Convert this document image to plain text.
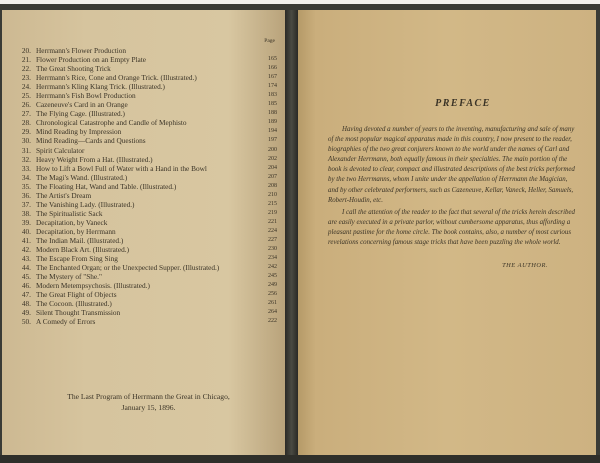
Page
20. Herrmann's Flower Production
21. Flower Production on an Empty Plate	165
22. The Great Shooting Trick	166
23. Herrmann's Rice, Cone and Orange Trick. (Illustrated.)	167
24. Herrmann's Kling Klang Trick. (Illustrated.)	174
25. Herrmann's Fish Bowl Production	183
26. Cazeneuve's Card in an Orange	185
27. The Flying Cage. (Illustrated.)	188
28. Chronological Catastrophe and Candle of Mephisto	189
29. Mind Reading by Impression	194
30. Mind Reading—Cards and Questions	197
31. Spirit Calculator	200
32. Heavy Weight From a Hat. (Illustrated.)	202
33. How to Lift a Bowl Full of Water with a Hand in the Bowl	204
34. The Magi's Wand. (Illustrated.)	207
35. The Floating Hat, Wand and Table. (Illustrated.)	208
36. The Artist's Dream	210
37. The Vanishing Lady. (Illustrated.)	215
38. The Spiritualistic Sack	219
39. Decapitation, by Vaneck	221
40. Decapitation, by Herrmann	224
41. The Indian Mail. (Illustrated.)	227
42. Modern Black Art. (Illustrated.)	230
43. The Escape From Sing Sing	234
44. The Enchanted Organ; or the Unexpected Supper. (Illustrated.)	242
45. The Mystery of "She."	245
46. Modern Metempsychosis. (Illustrated.)	249
47. The Great Flight of Objects	256
48. The Cocoon. (Illustrated.)	261
49. Silent Thought Transmission	264
50. A Comedy of Errors	222
The Last Program of Herrmann the Great in Chicago,
January 15, 1896.
PREFACE

Having devoted a number of years to the inventing, manufacturing and sale of many of the most popular magical apparatus made in this country, I now present to the reader, biographies of the two great conjurers known to the world under the names of Carl and Alexander Herrmann, both equally famous in their specialties. The main portion of the book is devoted to clear, compact and illustrated descriptions of the best tricks performed by the two Herrmanns, whom I unite under the appellation of Herrmann the Magician, and by other celebrated performers, such as Cazeneuve, Kellar, Vaneck, Heller, Samuels, Robert-Houdin, etc.

I call the attention of the reader to the fact that several of the tricks herein described are easily executed in a private parlor, without cumbersome apparatus, thus affording a pleasant pastime for the home circle. The book contains, also, a number of most curious revelations concerning famous stage tricks that have been puzzling the whole world.

THE AUTHOR.
